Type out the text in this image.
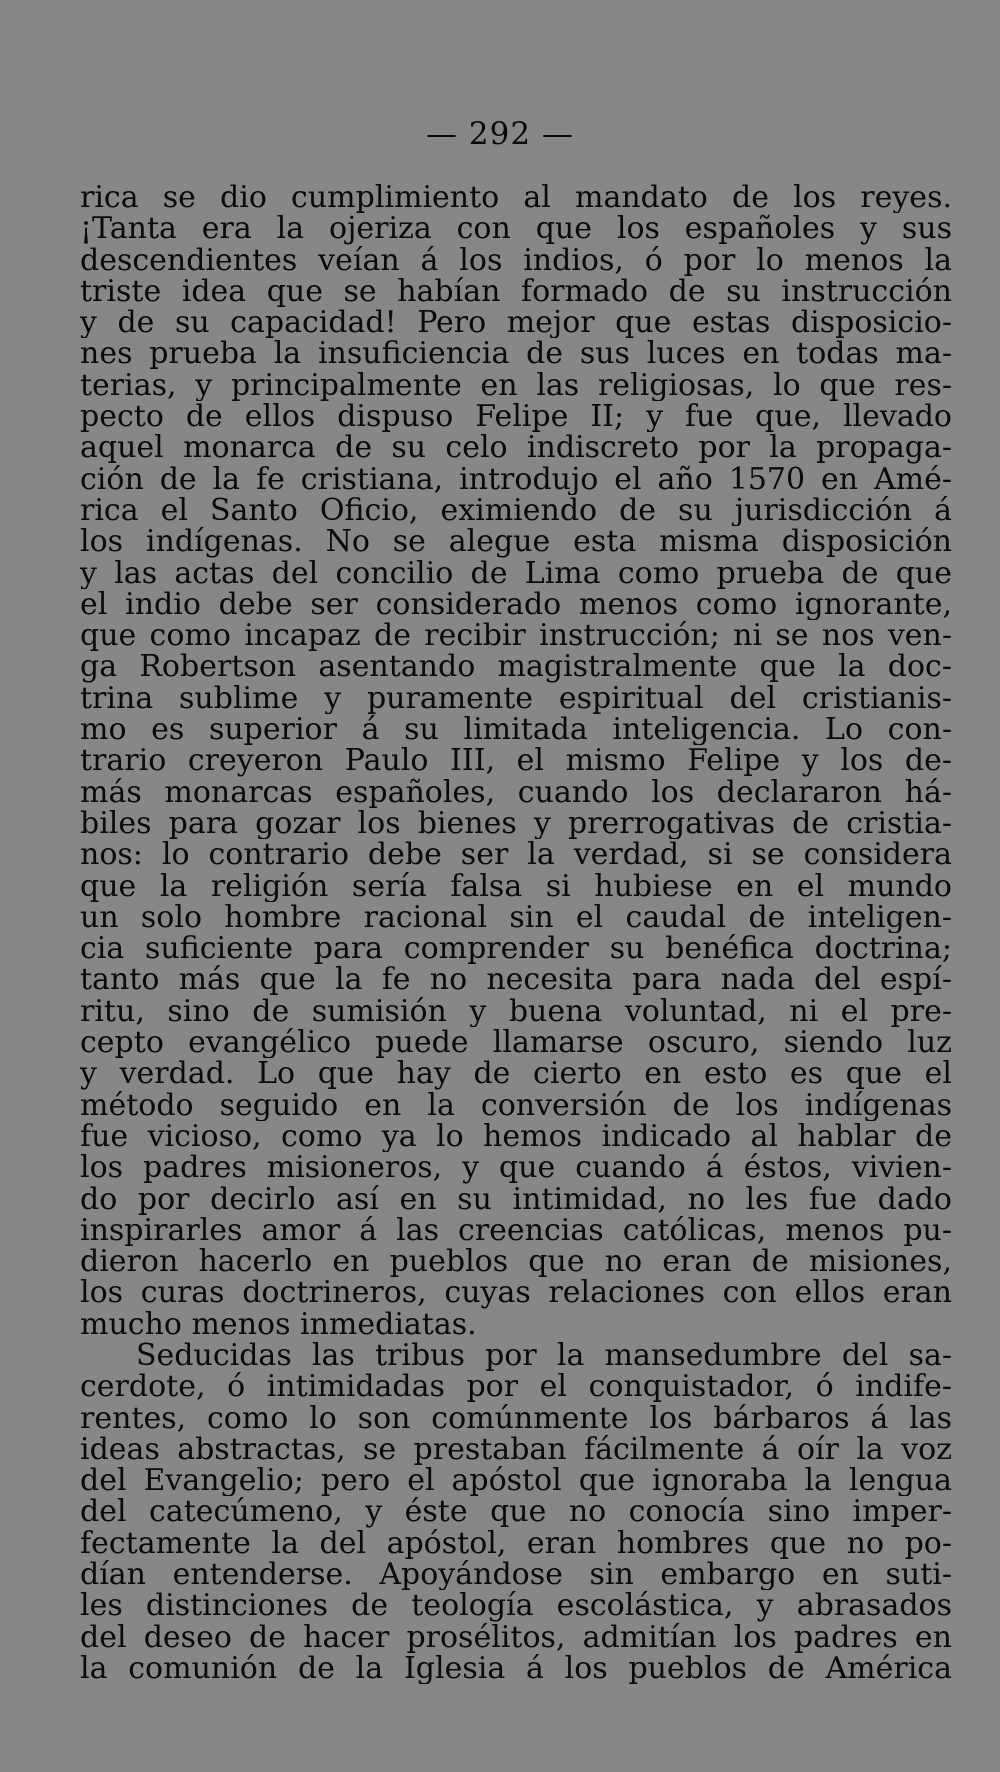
— 292 —
rica se dio cumplimiento al mandato de los reyes.
¡Tanta era la ojeriza con que los españoles y sus
descendientes veían á los indios, ó por lo menos la
triste idea que se habían formado de su instrucción
y de su capacidad! Pero mejor que estas disposicio-
nes prueba la insuficiencia de sus luces en todas ma-
terias, y principalmente en las religiosas, lo que res-
pecto de ellos dispuso Felipe II; y fue que, llevado
aquel monarca de su celo indiscreto por la propaga-
ción de la fe cristiana, introdujo el año 1570 en Amé-
rica el Santo Oficio, eximiendo de su jurisdicción á
los indígenas. No se alegue esta misma disposición
y las actas del concilio de Lima como prueba de que
el indio debe ser considerado menos como ignorante,
que como incapaz de recibir instrucción; ni se nos ven-
ga Robertson asentando magistralmente que la doc-
trina sublime y puramente espiritual del cristianis-
mo es superior á su limitada inteligencia. Lo con-
trario creyeron Paulo III, el mismo Felipe y los de-
más monarcas españoles, cuando los declararon há-
biles para gozar los bienes y prerrogativas de cristia-
nos: lo contrario debe ser la verdad, si se considera
que la religión sería falsa si hubiese en el mundo
un solo hombre racional sin el caudal de inteligen-
cia suficiente para comprender su benéfica doctrina;
tanto más que la fe no necesita para nada del espí-
ritu, sino de sumisión y buena voluntad, ni el pre-
cepto evangélico puede llamarse oscuro, siendo luz
y verdad. Lo que hay de cierto en esto es que el
método seguido en la conversión de los indígenas
fue vicioso, como ya lo hemos indicado al hablar de
los padres misioneros, y que cuando á éstos, vivien-
do por decirlo así en su intimidad, no les fue dado
inspirarles amor á las creencias católicas, menos pu-
dieron hacerlo en pueblos que no eran de misiones,
los curas doctrineros, cuyas relaciones con ellos eran
mucho menos inmediatas.
Seducidas las tribus por la mansedumbre del sa-
cerdote, ó intimidadas por el conquistador, ó indife-
rentes, como lo son comúnmente los bárbaros á las
ideas abstractas, se prestaban fácilmente á oír la voz
del Evangelio; pero el apóstol que ignoraba la lengua
del catecúmeno, y éste que no conocía sino imper-
fectamente la del apóstol, eran hombres que no po-
dían entenderse. Apoyándose sin embargo en suti-
les distinciones de teología escolástica, y abrasados
del deseo de hacer prosélitos, admitían los padres en
la comunión de la Iglesia á los pueblos de América
